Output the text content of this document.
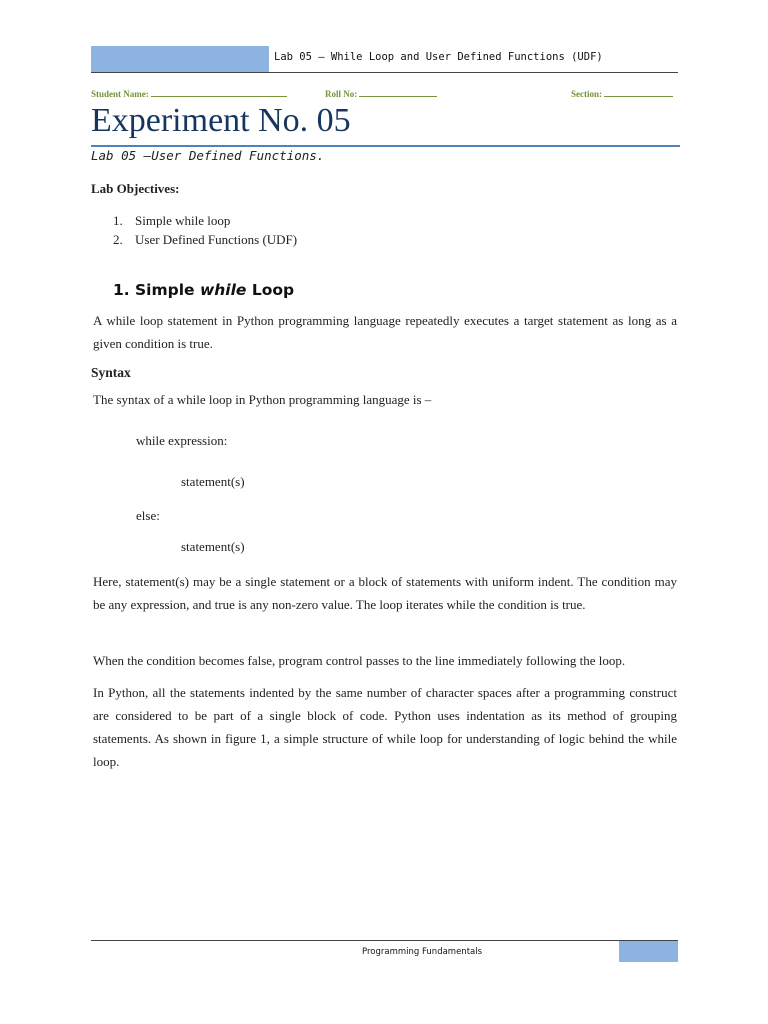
Lab 05 – While Loop and User Defined Functions (UDF)
Student Name:	Roll No:	Section:
Experiment No. 05
Lab 05 –User Defined Functions.
Lab Objectives:
1. Simple while loop
2. User Defined Functions (UDF)
1. Simple while Loop
A while loop statement in Python programming language repeatedly executes a target statement as long as a given condition is true.
Syntax
The syntax of a while loop in Python programming language is –
while expression:
statement(s)
else:
statement(s)
Here, statement(s) may be a single statement or a block of statements with uniform indent. The condition may be any expression, and true is any non-zero value. The loop iterates while the condition is true.
When the condition becomes false, program control passes to the line immediately following the loop.
In Python, all the statements indented by the same number of character spaces after a programming construct are considered to be part of a single block of code. Python uses indentation as its method of grouping statements. As shown in figure 1, a simple structure of while loop for understanding of logic behind the while loop.
Programming Fundamentals
